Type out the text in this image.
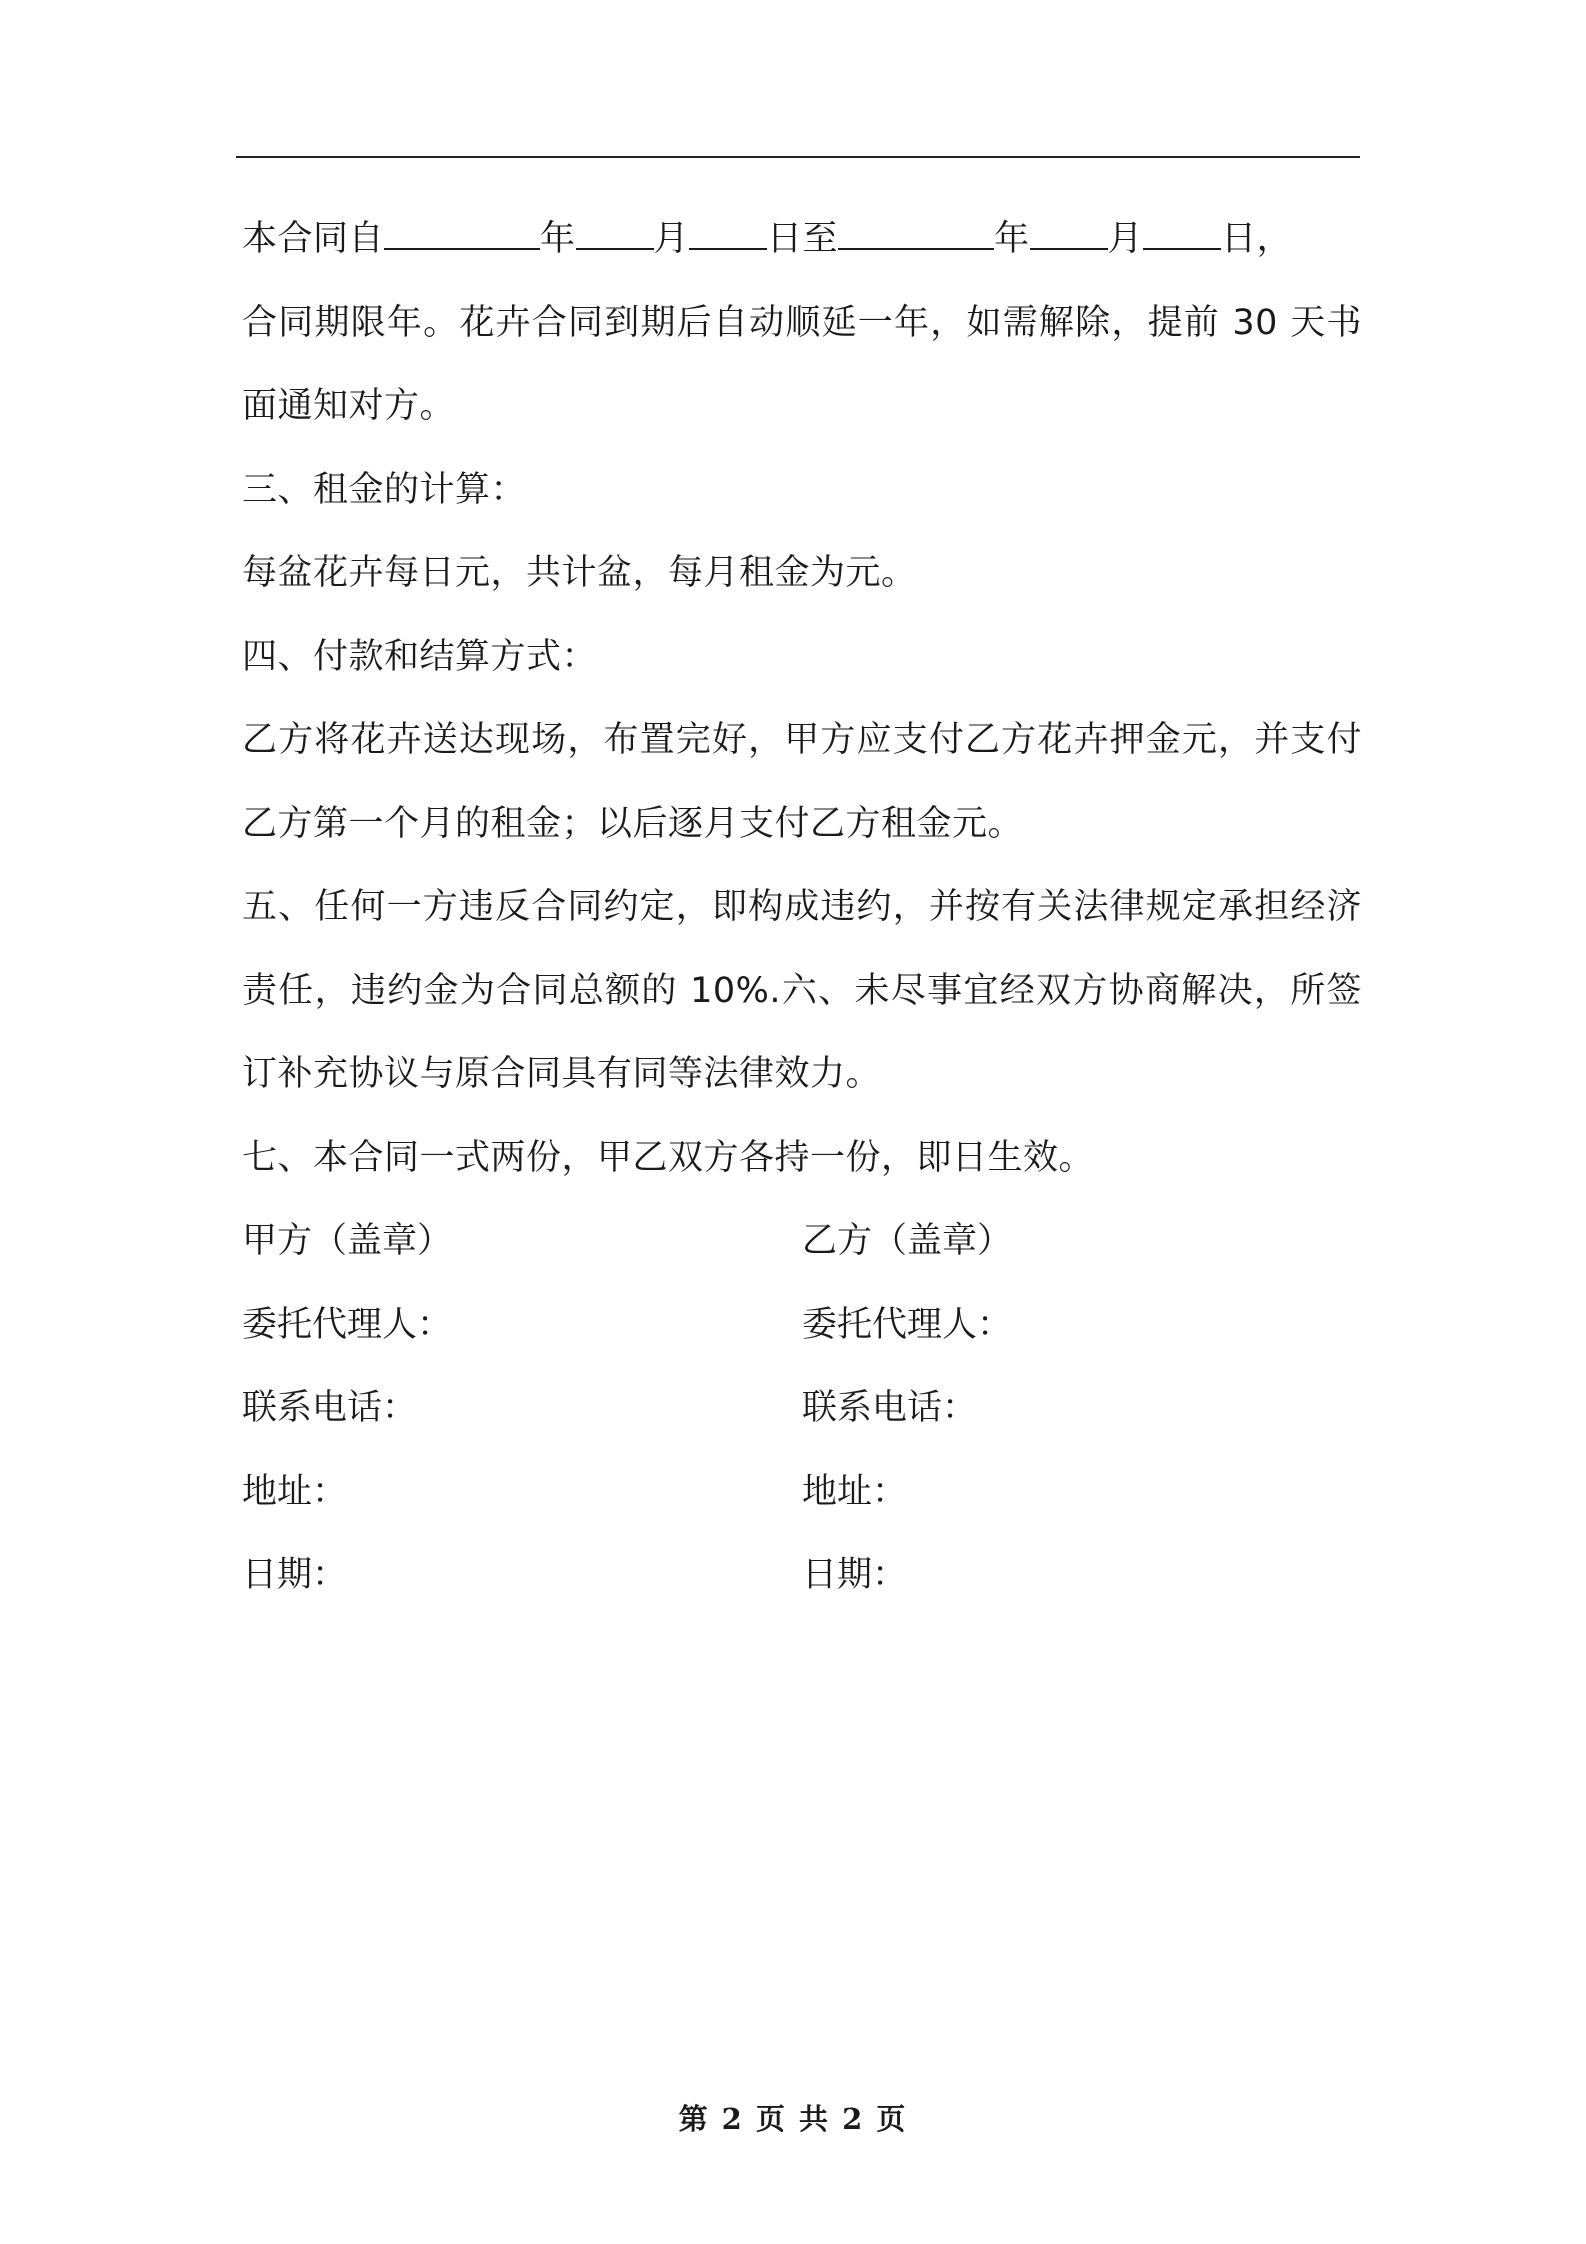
本合同自	年 月 日至	年 月 日，

合同期限年。花卉合同到期后自动顺延一年，如需解除，提前 30 天书面通知对方。

三、租金的计算：

每盆花卉每日元，共计盆，每月租金为元。

四、付款和结算方式：

乙方将花卉送达现场，布置完好，甲方应支付乙方花卉押金元，并支付乙方第一个月的租金；以后逐月支付乙方租金元。

五、任何一方违反合同约定，即构成违约，并按有关法律规定承担经济责任，违约金为合同总额的 10%.六、未尽事宜经双方协商解决，所签订补充协议与原合同具有同等法律效力。

七、本合同一式两份，甲乙双方各持一份，即日生效。

甲方（盖章）	乙方（盖章）
委托代理人：	委托代理人：
联系电话：	联系电话：
地址：	地址：
日期：	日期：
第 2 页 共 2 页
